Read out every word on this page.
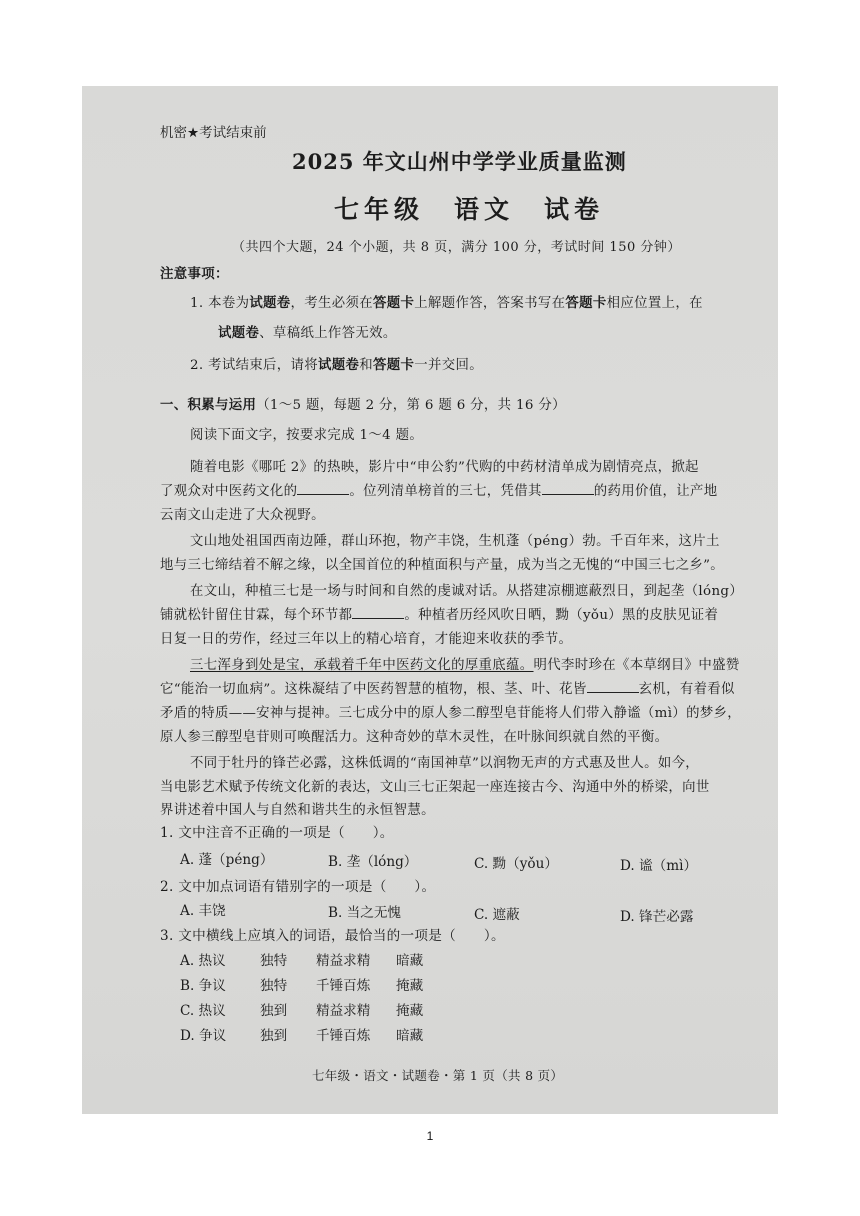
机密★考试结束前
2025 年文山州中学学业质量监测
七年级　语文　试卷
（共四个大题，24 个小题，共 8 页，满分 100 分，考试时间 150 分钟）
注意事项：
1. 本卷为试题卷，考生必须在答题卡上解题作答，答案书写在答题卡相应位置上，在
试题卷、草稿纸上作答无效。
2. 考试结束后，请将试题卷和答题卡一并交回。
一、积累与运用（1～5 题，每题 2 分，第 6 题 6 分，共 16 分）
阅读下面文字，按要求完成 1～4 题。
随着电影《哪吒 2》的热映，影片中“申公豹”代购的中药材清单成为剧情亮点，掀起
了观众对中医药文化的	。位列清单榜首的三七，凭借其	的药用价值，让产地
云南文山走进了大众视野。
文山地处祖国西南边陲，群山环抱，物产丰饶，生机蓬（péng）勃。千百年来，这片土
地与三七缔结着不解之缘，以全国首位的种植面积与产量，成为当之无愧的“中国三七之乡”。
在文山，种植三七是一场与时间和自然的虔诚对话。从搭建凉棚遮蔽烈日，到起垄（lóng）
铺就松针留住甘霖，每个环节都	。种植者历经风吹日晒，黝（yǒu）黑的皮肤见证着
日复一日的劳作，经过三年以上的精心培育，才能迎来收获的季节。
三七浑身到处是宝，承载着千年中医药文化的厚重底蕴。明代李时珍在《本草纲目》中盛赞
它“能治一切血病”。这株凝结了中医药智慧的植物，根、茎、叶、花皆	玄机，有着看似
矛盾的特质——安神与提神。三七成分中的原人参二醇型皂苷能将人们带入静谧（mì）的梦乡，
原人参三醇型皂苷则可唤醒活力。这种奇妙的草木灵性，在叶脉间织就自然的平衡。
不同于牡丹的锋芒必露，这株低调的“南国神草”以润物无声的方式惠及世人。如今，
当电影艺术赋予传统文化新的表达，文山三七正架起一座连接古今、沟通中外的桥梁，向世
界讲述着中国人与自然和谐共生的永恒智慧。
1. 文中注音不正确的一项是（　　）。
A. 蓬（péng）	B. 垄（lóng）	C. 黝（yǒu）	D. 谧（mì）
2. 文中加点词语有错别字的一项是（　　）。
A. 丰饶	B. 当之无愧	C. 遮蔽	D. 锋芒必露
3. 文中横线上应填入的词语，最恰当的一项是（　　）。
A. 热议	独特 精益求精 暗藏
B. 争议	独特 千锤百炼 掩藏
C. 热议	独到 精益求精 掩藏
D. 争议 独到 千锤百炼 暗藏
七年级・语文・试题卷・第 1 页（共 8 页）
1
